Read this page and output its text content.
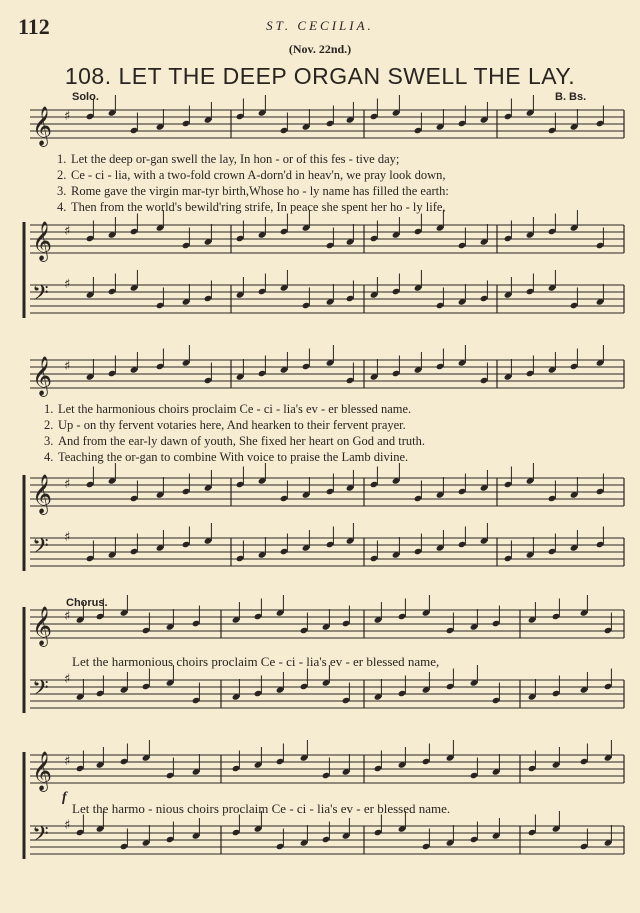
112	ST. CECILIA.
(Nov. 22nd.)
108. LET THE DEEP ORGAN SWELL THE LAY.
Solo.	B. Bs.
Chorus.
f
1. Let the deep or-gan swell the lay, In hon - or of this fes - tive day;
2. Ce - ci - lia, with a two-fold crown A-dorn'd in heav'n, we pray look down,
3. Rome gave the virgin mar-tyr birth,Whose ho - ly name has filled the earth:
4. Then from the world's bewild'ring strife, In peace she spent her ho - ly life,
1. Let the harmonious choirs proclaim Ce - ci - lia's ev - er blessed name.
2. Up - on thy fervent votaries here, And hearken to their fervent prayer.
3. And from the ear-ly dawn of youth, She fixed her heart on God and truth.
4. Teaching the or-gan to combine With voice to praise the Lamb divine.
Let the harmonious choirs proclaim Ce - ci - lia's ev - er blessed name,
Let the harmo - nious choirs proclaim Ce - ci - lia's ev - er blessed name.
𝄞 ♯
𝄞 ♯
𝄢 ♯
𝄞 ♯
𝄞 ♯
𝄢 ♯
𝄞 ♯
𝄢 ♯
𝄞 ♯
𝄢 ♯
